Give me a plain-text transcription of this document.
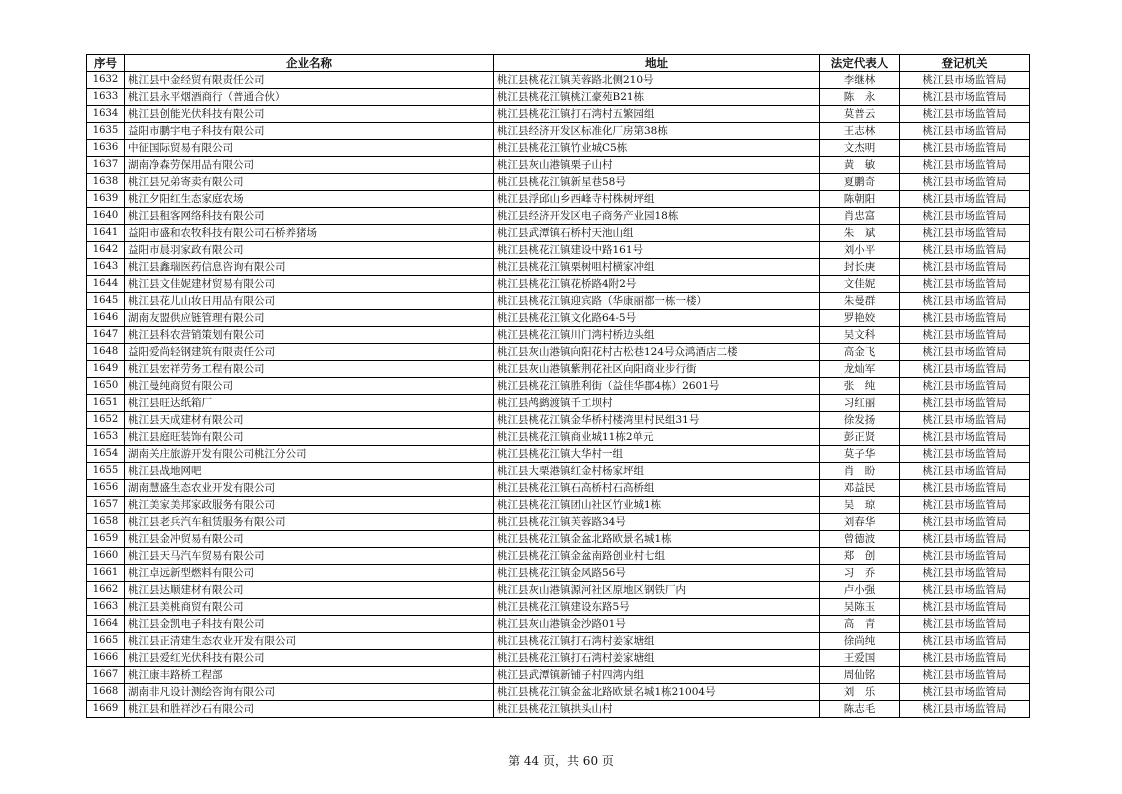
序号	企业名称	地址	法定代表人	登记机关
1632	桃江县中金经贸有限责任公司	桃江县桃花江镇芙蓉路北侧210号	李继林	桃江县市场监管局
1633	桃江县永平烟酒商行（普通合伙）	桃江县桃花江镇桃江豪苑B21栋	陈　永	桃江县市场监管局
1634	桃江县创能光伏科技有限公司	桃江县桃花江镇打石湾村五繁园组	莫普云	桃江县市场监管局
1635	益阳市鹏宇电子科技有限公司	桃江县经济开发区标准化厂房第38栋	王志林	桃江县市场监管局
1636	中征国际贸易有限公司	桃江县桃花江镇竹业城C5栋	文杰明	桃江县市场监管局
1637	湖南净森劳保用品有限公司	桃江县灰山港镇栗子山村	黄　敏	桃江县市场监管局
1638	桃江县兄弟寄卖有限公司	桃江县桃花江镇新星巷58号	夏鹏奇	桃江县市场监管局
1639	桃江夕阳红生态家庭农场	桃江县浮邱山乡西峰寺村株树坪组	陈朝阳	桃江县市场监管局
1640	桃江县租客网络科技有限公司	桃江县经济开发区电子商务产业园18栋	肖忠富	桃江县市场监管局
1641	益阳市盛和农牧科技有限公司石桥养猪场	桃江县武潭镇石桥村天池山组	朱　斌	桃江县市场监管局
1642	益阳市晨羽家政有限公司	桃江县桃花江镇建设中路161号	刘小平	桃江县市场监管局
1643	桃江县鑫瑞医药信息咨询有限公司	桃江县桃花江镇栗树咀村横家冲组	封长庚	桃江县市场监管局
1644	桃江县文佳妮建材贸易有限公司	桃江县桃花江镇花桥路4附2号	文佳妮	桃江县市场监管局
1645	桃江县花儿山妆日用品有限公司	桃江县桃花江镇迎宾路（华康丽都一栋一楼）	朱曼群	桃江县市场监管局
1646	湖南友盟供应链管理有限公司	桃江县桃花江镇文化路64-5号	罗艳姣	桃江县市场监管局
1647	桃江县科农营销策划有限公司	桃江县桃花江镇川门湾村桥边头组	吴文科	桃江县市场监管局
1648	益阳爱尚轻钢建筑有限责任公司	桃江县灰山港镇向阳花村古松巷124号众鸿酒店二楼	高金飞	桃江县市场监管局
1649	桃江县宏祥劳务工程有限公司	桃江县灰山港镇紫荆花社区向阳商业步行街	龙灿军	桃江县市场监管局
1650	桃江曼纯商贸有限公司	桃江县桃花江镇胜利街（益佳华郡4栋）2601号	张　纯	桃江县市场监管局
1651	桃江县旺达纸箱厂	桃江县鸬鹚渡镇千工坝村	习红丽	桃江县市场监管局
1652	桃江县天成建材有限公司	桃江县桃花江镇金华桥村楼湾里村民组31号	徐发扬	桃江县市场监管局
1653	桃江县庭旺装饰有限公司	桃江县桃花江镇商业城11栋2单元	彭正贤	桃江县市场监管局
1654	湖南关庄旅游开发有限公司桃江分公司	桃江县桃花江镇大华村一组	莫子华	桃江县市场监管局
1655	桃江县战地网吧	桃江县大栗港镇红金村杨家坪组	肖　盼	桃江县市场监管局
1656	湖南慧盛生态农业开发有限公司	桃江县桃花江镇石高桥村石高桥组	邓益民	桃江县市场监管局
1657	桃江美家美邦家政服务有限公司	桃江县桃花江镇团山社区竹业城1栋	吴　琼	桃江县市场监管局
1658	桃江县老兵汽车租赁服务有限公司	桃江县桃花江镇芙蓉路34号	刘春华	桃江县市场监管局
1659	桃江县金冲贸易有限公司	桃江县桃花江镇金盆北路欧景名城1栋	曾德波	桃江县市场监管局
1660	桃江县天马汽车贸易有限公司	桃江县桃花江镇金盆南路创业村七组	郑　创	桃江县市场监管局
1661	桃江卓远新型燃料有限公司	桃江县桃花江镇金风路56号	习　乔	桃江县市场监管局
1662	桃江县达顺建材有限公司	桃江县灰山港镇源河社区原地区钢铁厂内	卢小强	桃江县市场监管局
1663	桃江县美桃商贸有限公司	桃江县桃花江镇建设东路5号	吴陈玉	桃江县市场监管局
1664	桃江县金凯电子科技有限公司	桃江县灰山港镇金沙路01号	高　青	桃江县市场监管局
1665	桃江县正清建生态农业开发有限公司	桃江县桃花江镇打石湾村姜家塘组	徐尚纯	桃江县市场监管局
1666	桃江县爱红光伏科技有限公司	桃江县桃花江镇打石湾村姜家塘组	王爱国	桃江县市场监管局
1667	桃江康丰路桥工程部	桃江县武潭镇新铺子村四湾内组	周仙铭	桃江县市场监管局
1668	湖南非凡设计测绘咨询有限公司	桃江县桃花江镇金盆北路欧景名城1栋21004号	刘　乐	桃江县市场监管局
1669	桃江县和胜祥沙石有限公司	桃江县桃花江镇拱头山村	陈志毛	桃江县市场监管局
第 44 页，共 60 页
